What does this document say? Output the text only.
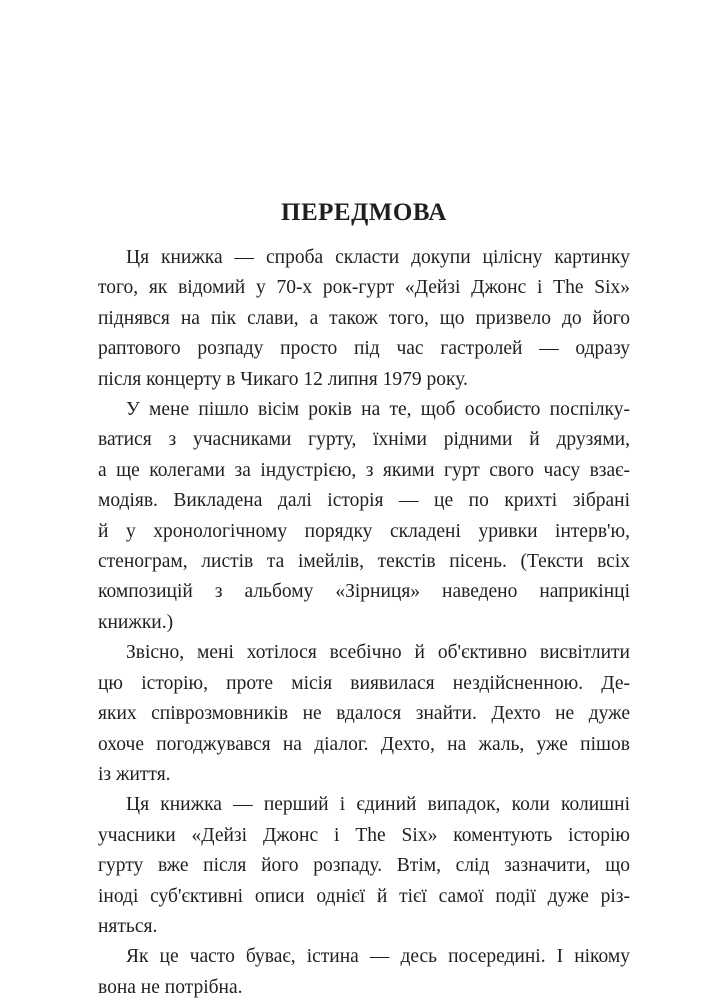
ПЕРЕДМОВА

Ця книжка — спроба скласти докупи цілісну картинку
того, як відомий у 70-х рок-гурт «Дейзі Джонс і The Six»
піднявся на пік слави, а також того, що призвело до його
раптового розпаду просто під час гастролей — одразу
після концерту в Чикаго 12 липня 1979 року.

У мене пішло вісім років на те, щоб особисто поспілку-
ватися з учасниками гурту, їхніми рідними й друзями,
а ще колегами за індустрією, з якими гурт свого часу взає-
модіяв. Викладена далі історія — це по крихті зібрані
й у хронологічному порядку складені уривки інтерв'ю,
стенограм, листів та імейлів, текстів пісень. (Тексти всіх
композицій з альбому «Зірниця» наведено наприкінці
книжки.)

Звісно, мені хотілося всебічно й об'єктивно висвітлити
цю історію, проте місія виявилася нездійсненною. Де-
яких співрозмовників не вдалося знайти. Дехто не дуже
охоче погоджувався на діалог. Дехто, на жаль, уже пішов
із життя.

Ця книжка — перший і єдиний випадок, коли колишні
учасники «Дейзі Джонс і The Six» коментують історію
гурту вже після його розпаду. Втім, слід зазначити, що
іноді суб'єктивні описи однієї й тієї самої події дуже різ-
няться.

Як це часто буває, істина — десь посередині. І нікому
вона не потрібна.
